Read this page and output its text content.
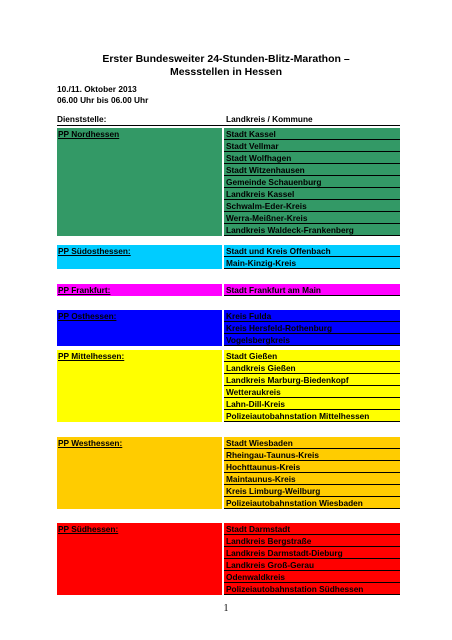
Erster Bundesweiter 24-Stunden-Blitz-Marathon –
Messstellen in Hessen
10./11. Oktober 2013
06.00 Uhr bis 06.00 Uhr
Dienststelle:	Landkreis / Kommune
PP Nordhessen	Stadt Kassel
Stadt Vellmar
Stadt Wolfhagen
Stadt Witzenhausen
Gemeinde Schauenburg
Landkreis Kassel
Schwalm-Eder-Kreis
Werra-Meißner-Kreis
Landkreis Waldeck-Frankenberg
PP Südosthessen:	Stadt und Kreis Offenbach
Main-Kinzig-Kreis
PP Frankfurt:	Stadt Frankfurt am Main
PP Osthessen:	Kreis Fulda
Kreis Hersfeld-Rothenburg
Vogelsbergkreis
PP Mittelhessen:	Stadt Gießen
Landkreis Gießen
Landkreis Marburg-Biedenkopf
Wetteraukreis
Lahn-Dill-Kreis
Polizeiautobahnstation Mittelhessen
PP Westhessen:	Stadt Wiesbaden
Rheingau-Taunus-Kreis
Hochttaunus-Kreis
Maintaunus-Kreis
Kreis Limburg-Weilburg
Polizeiautobahnstation Wiesbaden
PP Südhessen:	Stadt Darmstadt
Landkreis Bergstraße
Landkreis Darmstadt-Dieburg
Landkreis Groß-Gerau
Odenwaldkreis
Polizeiautobahnstation Südhessen
1
